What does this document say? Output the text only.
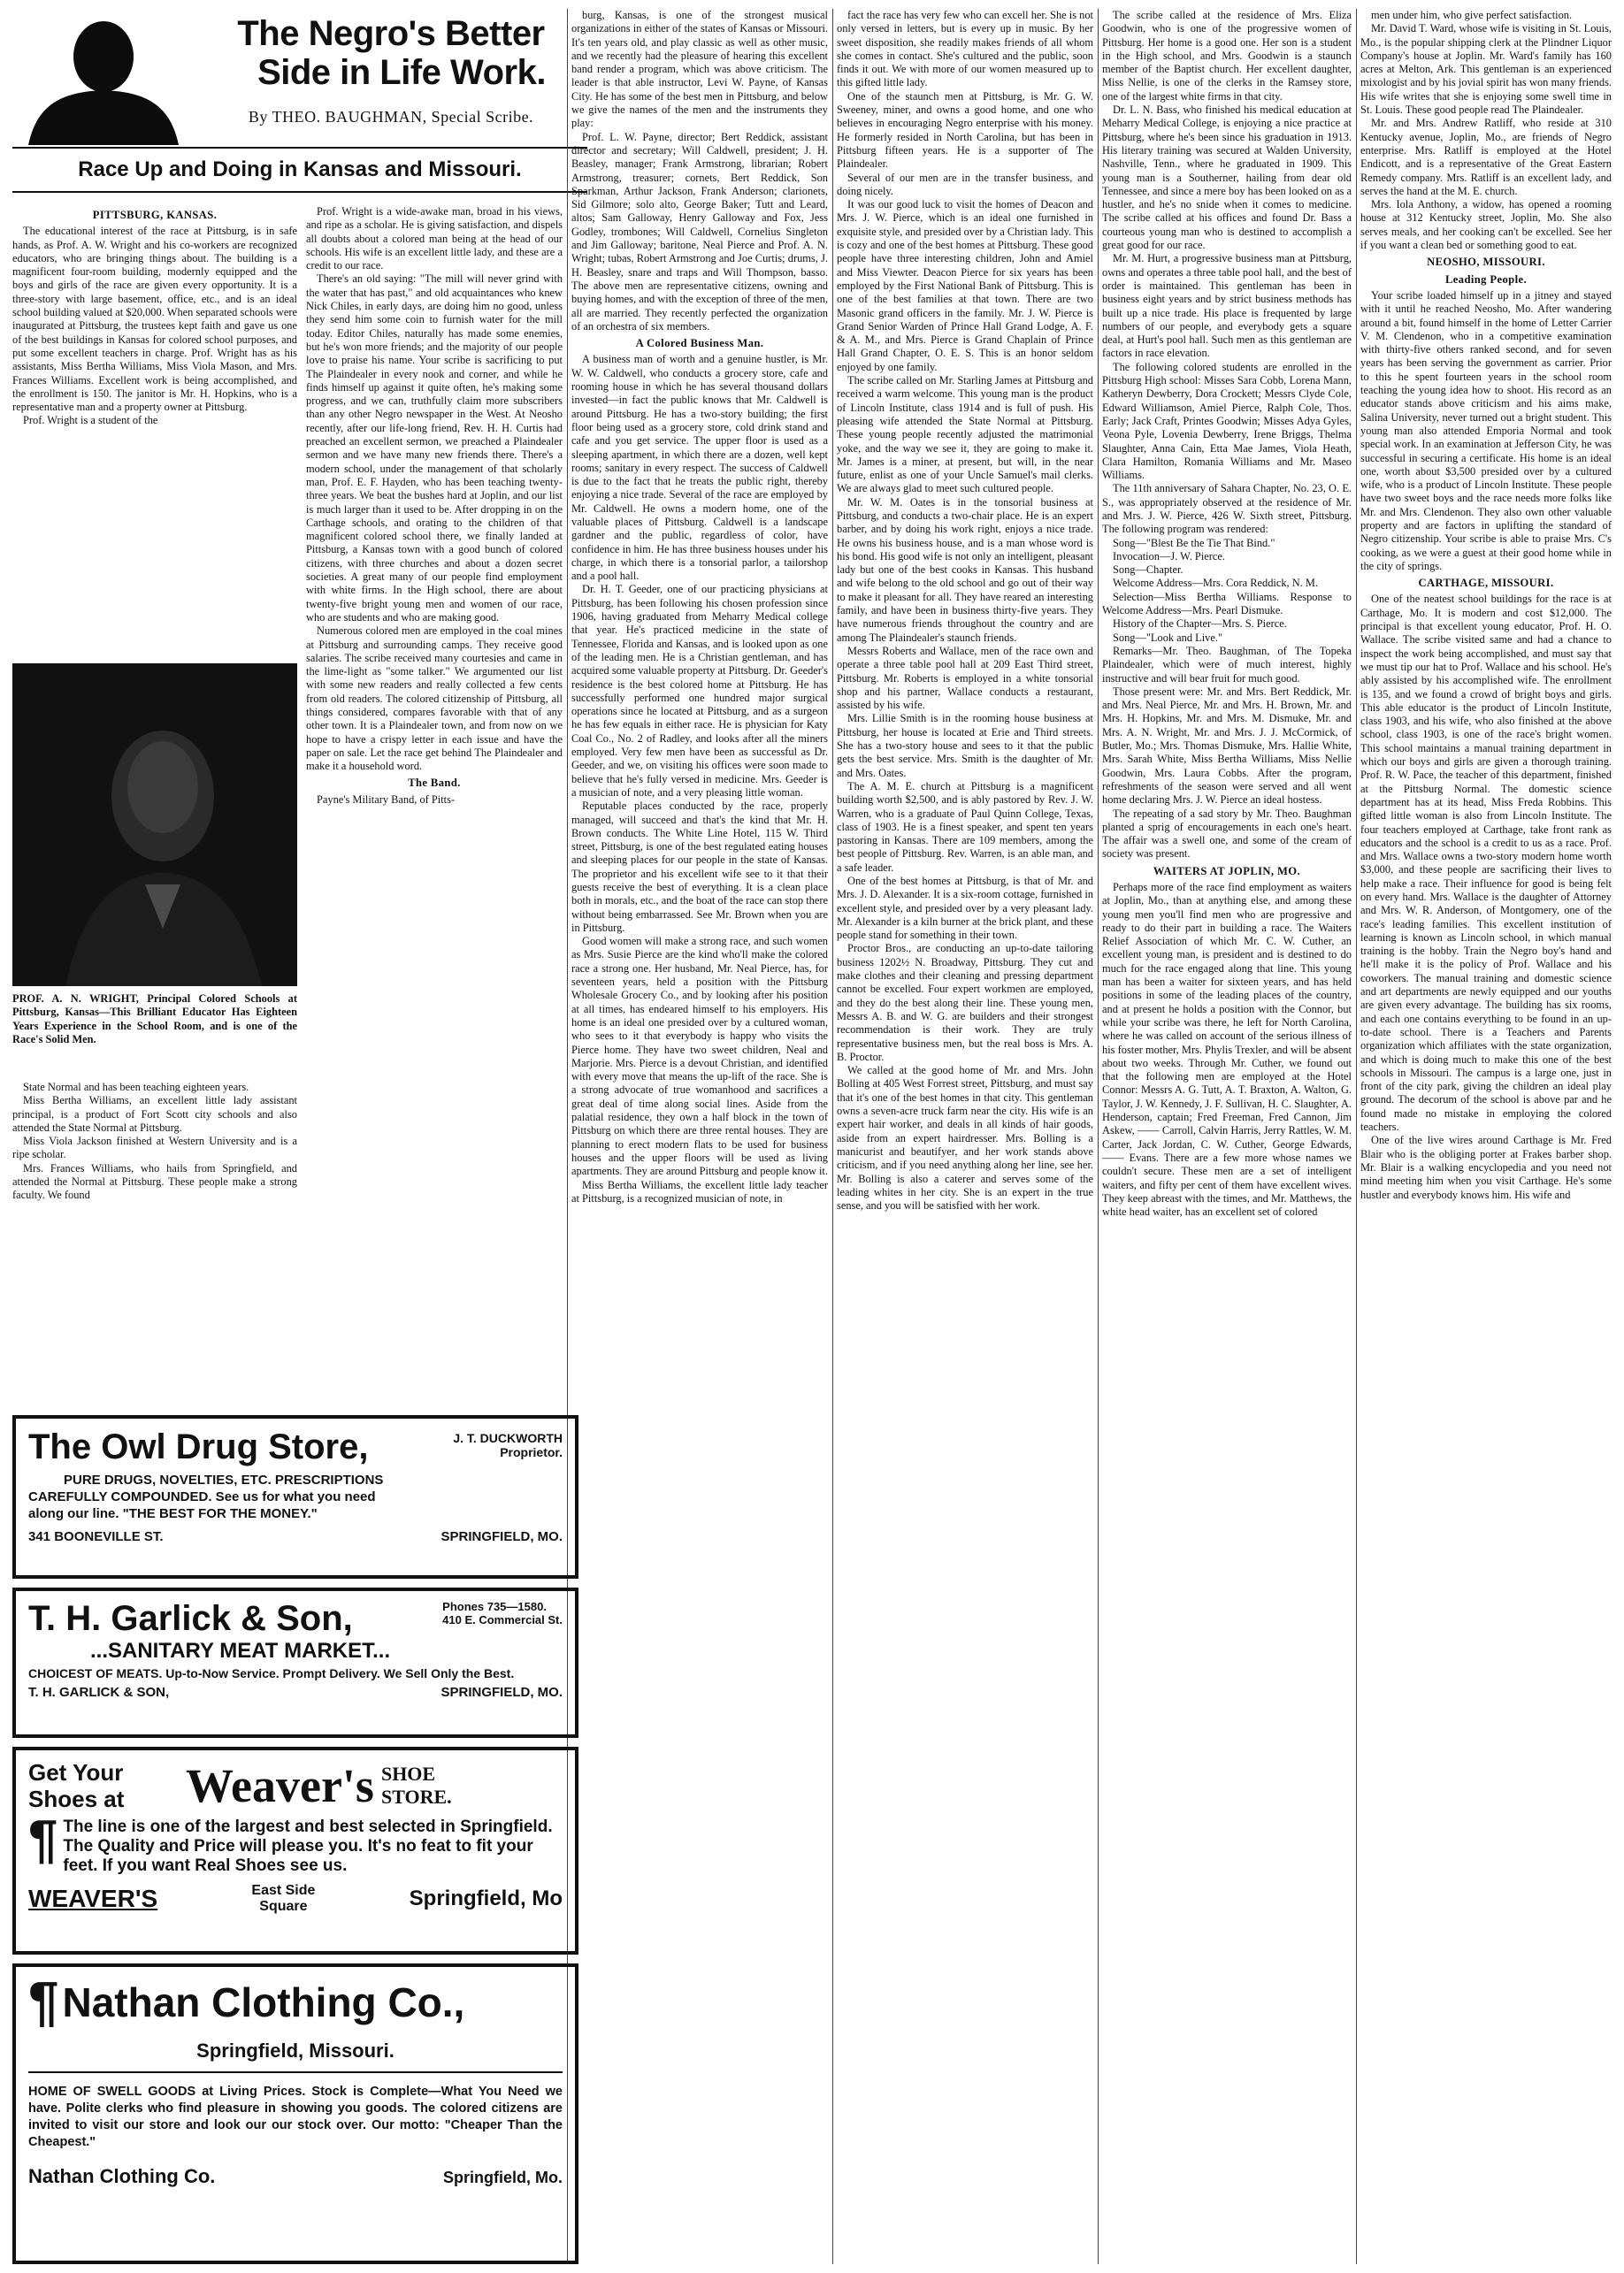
The Negro's Better
Side in Life Work.
By THEO. BAUGHMAN, Special Scribe.
Race Up and Doing in Kansas and Missouri.
PITTSBURG, KANSAS.

The educational interest of the race at Pittsburg, is in safe hands, as Prof. A. W. Wright and his co-workers are recognized educators, who are bringing things about. The building is a magnificent four-room building, modernly equipped and the boys and girls of the race are given every opportunity. It is a three-story with large basement, office, etc., and is an ideal school building valued at $20,000. When separated schools were inaugurated at Pittsburg, the trustees kept faith and gave us one of the best buildings in Kansas for colored school purposes, and put some excellent teachers in charge. Prof. Wright has as his assistants, Miss Bertha Williams, Miss Viola Mason, and Mrs. Frances Williams. Excellent work is being accomplished, and the enrollment is 150. The janitor is Mr. H. Hopkins, who is a representative man and a property owner at Pittsburg.

Prof. Wright is a student of the

PROF. A. N. WRIGHT, Principal Colored Schools at Pittsburg, Kansas—This Brilliant Educator Has Eighteen Years Experience in the School Room, and is one of the Race's Solid Men.

State Normal and has been teaching eighteen years.

Miss Bertha Williams, an excellent little lady assistant principal, is a product of Fort Scott city schools and also attended the State Normal at Pittsburg.

Miss Viola Jackson finished at Western University and is a ripe scholar.

Mrs. Frances Williams, who hails from Springfield, and attended the Normal at Pittsburg. These people make a strong faculty. We found

Prof. Wright is a wide-awake man, broad in his views, and ripe as a scholar. He is giving satisfaction, and dispels all doubts about a colored man being at the head of our schools. His wife is an excellent little lady, and these are a credit to our race.

There's an old saying: "The mill will never grind with the water that has past," and old acquaintances who knew Nick Chiles, in early days, are doing him no good, unless they send him some coin to furnish water for the mill today. Editor Chiles, naturally has made some enemies, but he's won more friends; and the majority of our people love to praise his name. Your scribe is sacrificing to put The Plaindealer in every nook and corner, and while he finds himself up against it quite often, he's making some progress, and we can, truthfully claim more subscribers than any other Negro newspaper in the West. At Neosho recently, after our life-long friend, Rev. H. H. Curtis had preached an excellent sermon, we preached a Plaindealer sermon and we have many new friends there. There's a modern school, under the management of that scholarly man, Prof. E. F. Hayden, who has been teaching twenty-three years. We beat the bushes hard at Joplin, and our list is much larger than it used to be. After dropping in on the Carthage schools, and orating to the children of that magnificent colored school there, we finally landed at Pittsburg, a Kansas town with a good bunch of colored citizens, with three churches and about a dozen secret societies. A great many of our people find employment with white firms. In the High school, there are about twenty-five bright young men and women of our race, who are students and who are making good.

Numerous colored men are employed in the coal mines at Pittsburg and surrounding camps. They receive good salaries. The scribe received many courtesies and came in the lime-light as "some talker." We argumented our list with some new readers and really collected a few cents from old readers. The colored citizenship of Pittsburg, all things considered, compares favorable with that of any other town. It is a Plaindealer town, and from now on we hope to have a crispy letter in each issue and have the paper on sale. Let the race get behind The Plaindealer and make it a household word.

The Band.

Payne's Military Band, of Pitts-

burg, Kansas, is one of the strongest musical organizations in either of the states of Kansas or Missouri. It's ten years old, and play classic as well as other music, and we recently had the pleasure of hearing this excellent band render a program, which was above criticism. The leader is that able instructor, Levi W. Payne, of Kansas City. He has some of the best men in Pittsburg, and below we give the names of the men and the instruments they play:

Prof. L. W. Payne, director; Bert Reddick, assistant director and secretary; Will Caldwell, president; J. H. Beasley, manager; Frank Armstrong, librarian; Robert Armstrong, treasurer; cornets, Bert Reddick, Son Sparkman, Arthur Jackson, Frank Anderson; clarionets, Sid Gilmore; solo alto, George Baker; Tutt and Leard, altos; Sam Galloway, Henry Galloway and Fox, Jess Godley, trombones; Will Caldwell, Cornelius Singleton and Jim Galloway; baritone, Neal Pierce and Prof. A. N. Wright; tubas, Robert Armstrong and Joe Curtis; drums, J. H. Beasley, snare and traps and Will Thompson, basso. The above men are representative citizens, owning and buying homes, and with the exception of three of the men, all are married. They recently perfected the organization of an orchestra of six members.

A Colored Business Man.

A business man of worth and a genuine hustler, is Mr. W. W. Caldwell, who conducts a grocery store, cafe and rooming house in which he has several thousand dollars invested—in fact the public knows that Mr. Caldwell is around Pittsburg. He has a two-story building; the first floor being used as a grocery store, cold drink stand and cafe and you get service. The upper floor is used as a sleeping apartment, in which there are a dozen, well kept rooms; sanitary in every respect. The success of Caldwell is due to the fact that he treats the public right, thereby enjoying a nice trade. Several of the race are employed by Mr. Caldwell. He owns a modern home, one of the valuable places of Pittsburg. Caldwell is a landscape gardner and the public, regardless of color, have confidence in him. He has three business houses under his charge, in which there is a tonsorial parlor, a tailorshop and a pool hall.

Dr. H. T. Geeder, one of our practicing physicians at Pittsburg, has been following his chosen profession since 1906, having graduated from Meharry Medical college that year. He's practiced medicine in the state of Tennessee, Florida and Kansas, and is looked upon as one of the leading men. He is a Christian gentleman, and has acquired some valuable property at Pittsburg. Dr. Geeder's residence is the best colored home at Pittsburg. He has successfully performed one hundred major surgical operations since he located at Pittsburg, and as a surgeon he has few equals in either race. He is physician for Katy Coal Co., No. 2 of Radley, and looks after all the miners employed. Very few men have been as successful as Dr. Geeder, and we, on visiting his offices were soon made to believe that he's fully versed in medicine. Mrs. Geeder is a musician of note, and a very pleasing little woman.

Reputable places conducted by the race, properly managed, will succeed and that's the kind that Mr. H. Brown conducts. The White Line Hotel, 115 W. Third street, Pittsburg, is one of the best regulated eating houses and sleeping places for our people in the state of Kansas. The proprietor and his excellent wife see to it that their guests receive the best of everything. It is a clean place both in morals, etc., and the boat of the race can stop there without being embarrassed. See Mr. Brown when you are in Pittsburg.

Good women will make a strong race, and such women as Mrs. Susie Pierce are the kind who'll make the colored race a strong one. Her husband, Mr. Neal Pierce, has, for seventeen years, held a position with the Pittsburg Wholesale Grocery Co., and by looking after his position at all times, has endeared himself to his employers. His home is an ideal one presided over by a cultured woman, who sees to it that everybody is happy who visits the Pierce home. They have two sweet children, Neal and Marjorie. Mrs. Pierce is a devout Christian, and identified with every move that means the up-lift of the race. She is a strong advocate of true womanhood and sacrifices a great deal of time along social lines. Aside from the palatial residence, they own a half block in the town of Pittsburg on which there are three rental houses. They are planning to erect modern flats to be used for business houses and the upper floors will be used as living apartments. They are around Pittsburg and people know it.

Miss Bertha Williams, the excellent little lady teacher at Pittsburg, is a recognized musician of note, in

fact the race has very few who can excell her. She is not only versed in letters, but is every up in music. By her sweet disposition, she readily makes friends of all whom she comes in contact. She's cultured and the public, soon finds it out. We with more of our women measured up to this gifted little lady.

One of the staunch men at Pittsburg, is Mr. G. W. Sweeney, miner, and owns a good home, and one who believes in encouraging Negro enterprise with his money. He formerly resided in North Carolina, but has been in Pittsburg fifteen years. He is a supporter of The Plaindealer.

Several of our men are in the transfer business, and doing nicely.

It was our good luck to visit the homes of Deacon and Mrs. J. W. Pierce, which is an ideal one furnished in exquisite style, and presided over by a Christian lady. This is cozy and one of the best homes at Pittsburg. These good people have three interesting children, John and Amiel and Miss Viewter. Deacon Pierce for six years has been employed by the First National Bank of Pittsburg. This is one of the best families at that town. There are two Masonic grand officers in the family. Mr. J. W. Pierce is Grand Senior Warden of Prince Hall Grand Lodge, A. F. & A. M., and Mrs. Pierce is Grand Chaplain of Prince Hall Grand Chapter, O. E. S. This is an honor seldom enjoyed by one family.

The scribe called on Mr. Starling James at Pittsburg and received a warm welcome. This young man is the product of Lincoln Institute, class 1914 and is full of push. His pleasing wife attended the State Normal at Pittsburg. These young people recently adjusted the matrimonial yoke, and the way we see it, they are going to make it. Mr. James is a miner, at present, but will, in the near future, enlist as one of your Uncle Samuel's mail clerks. We are always glad to meet such cultured people.

Mr. W. M. Oates is in the tonsorial business at Pittsburg, and conducts a two-chair place. He is an expert barber, and by doing his work right, enjoys a nice trade. He owns his business house, and is a man whose word is his bond. His good wife is not only an intelligent, pleasant lady but one of the best cooks in Kansas. This husband and wife belong to the old school and go out of their way to make it pleasant for all. They have reared an interesting family, and have been in business thirty-five years. They have numerous friends throughout the country and are among The Plaindealer's staunch friends.

Messrs Roberts and Wallace, men of the race own and operate a three table pool hall at 209 East Third street, Pittsburg. Mr. Roberts is employed in a white tonsorial shop and his partner, Wallace conducts a restaurant, assisted by his wife.

Mrs. Lillie Smith is in the rooming house business at Pittsburg, her house is located at Erie and Third streets. She has a two-story house and sees to it that the public gets the best service. Mrs. Smith is the daughter of Mr. and Mrs. Oates.

The A. M. E. church at Pittsburg is a magnificent building worth $2,500, and is ably pastored by Rev. J. W. Warren, who is a graduate of Paul Quinn College, Texas, class of 1903. He is a finest speaker, and spent ten years pastoring in Kansas. There are 109 members, among the best people of Pittsburg. Rev. Warren, is an able man, and a safe leader.

One of the best homes at Pittsburg, is that of Mr. and Mrs. J. D. Alexander. It is a six-room cottage, furnished in excellent style, and presided over by a very pleasant lady. Mr. Alexander is a kiln burner at the brick plant, and these people stand for something in their town.

Proctor Bros., are conducting an up-to-date tailoring business 1202½ N. Broadway, Pittsburg. They cut and make clothes and their cleaning and pressing department cannot be excelled. Four expert workmen are employed, and they do the best along their line. These young men, Messrs A. B. and W. G. are builders and their strongest recommendation is their work. They are truly representative business men, but the real boss is Mrs. A. B. Proctor.

We called at the good home of Mr. and Mrs. John Bolling at 405 West Forrest street, Pittsburg, and must say that it's one of the best homes in that city. This gentleman owns a seven-acre truck farm near the city. His wife is an expert hair worker, and deals in all kinds of hair goods, aside from an expert hairdresser. Mrs. Bolling is a manicurist and beautifyer, and her work stands above criticism, and if you need anything along her line, see her. Mr. Bolling is also a caterer and serves some of the leading whites in her city. She is an expert in the true sense, and you will be satisfied with her work.

The scribe called at the residence of Mrs. Eliza Goodwin, who is one of the progressive women of Pittsburg. Her home is a good one. Her son is a student in the High school, and Mrs. Goodwin is a staunch member of the Baptist church. Her excellent daughter, Miss Nellie, is one of the clerks in the Ramsey store, one of the largest white firms in that city.

Dr. L. N. Bass, who finished his medical education at Meharry Medical College, is enjoying a nice practice at Pittsburg, where he's been since his graduation in 1913. His literary training was secured at Walden University, Nashville, Tenn., where he graduated in 1909. This young man is a Southerner, hailing from dear old Tennessee, and since a mere boy has been looked on as a hustler, and he's no snide when it comes to medicine. The scribe called at his offices and found Dr. Bass a courteous young man who is destined to accomplish a great good for our race.

Mr. M. Hurt, a progressive business man at Pittsburg, owns and operates a three table pool hall, and the best of order is maintained. This gentleman has been in business eight years and by strict business methods has built up a nice trade. His place is frequented by large numbers of our people, and everybody gets a square deal, at Hurt's pool hall. Such men as this gentleman are factors in race elevation.

The following colored students are enrolled in the Pittsburg High school: Misses Sara Cobb, Lorena Mann, Katheryn Dewberry, Dora Crockett; Messrs Clyde Cole, Edward Williamson, Amiel Pierce, Ralph Cole, Thos. Early; Jack Craft, Printes Goodwin; Misses Adya Gyles, Veona Pyle, Lovenia Dewberry, Irene Briggs, Thelma Slaughter, Anna Cain, Etta Mae James, Viola Heath, Clara Hamilton, Romania Williams and Mr. Maseo Williams.

The 11th anniversary of Sahara Chapter, No. 23, O. E. S., was appropriately observed at the residence of Mr. and Mrs. J. W. Pierce, 426 W. Sixth street, Pittsburg. The following program was rendered:

Song—"Blest Be the Tie That Bind."

Invocation—J. W. Pierce.

Song—Chapter.

Welcome Address—Mrs. Cora Reddick, N. M.

Selection—Miss Bertha Williams. Response to Welcome Address—Mrs. Pearl Dismuke.

History of the Chapter—Mrs. S. Pierce.

Song—"Look and Live."

Remarks—Mr. Theo. Baughman, of The Topeka Plaindealer, which were of much interest, highly instructive and will bear fruit for much good.

Those present were: Mr. and Mrs. Bert Reddick, Mr. and Mrs. Neal Pierce, Mr. and Mrs. H. Brown, Mr. and Mrs. H. Hopkins, Mr. and Mrs. M. Dismuke, Mr. and Mrs. A. N. Wright, Mr. and Mrs. J. J. McCormick, of Butler, Mo.; Mrs. Thomas Dismuke, Mrs. Hallie White, Mrs. Sarah White, Miss Bertha Williams, Miss Nellie Goodwin, Mrs. Laura Cobbs. After the program, refreshments of the season were served and all went home declaring Mrs. J. W. Pierce an ideal hostess.

The repeating of a sad story by Mr. Theo. Baughman planted a sprig of encouragements in each one's heart. The affair was a swell one, and some of the cream of society was present.

WAITERS AT JOPLIN, MO.

Perhaps more of the race find employment as waiters at Joplin, Mo., than at anything else, and among these young men you'll find men who are progressive and ready to do their part in building a race. The Waiters Relief Association of which Mr. C. W. Cuther, an excellent young man, is president and is destined to do much for the race engaged along that line. This young man has been a waiter for sixteen years, and has held positions in some of the leading places of the country, and at present he holds a position with the Connor, but while your scribe was there, he left for North Carolina, where he was called on account of the serious illness of his foster mother, Mrs. Phylis Trexler, and will be absent about two weeks. Through Mr. Cuther, we found out that the following men are employed at the Hotel Connor: Messrs A. G. Tutt, A. T. Braxton, A. Walton, G. Taylor, J. W. Kennedy, J. F. Sullivan, H. C. Slaughter, A. Henderson, captain; Fred Freeman, Fred Cannon, Jim Askew, —— Carroll, Calvin Harris, Jerry Rattles, W. M. Carter, Jack Jordan, C. W. Cuther, George Edwards, —— Evans. There are a few more whose names we couldn't secure. These men are a set of intelligent waiters, and fifty per cent of them have excellent wives. They keep abreast with the times, and Mr. Matthews, the white head waiter, has an excellent set of colored

men under him, who give perfect satisfaction.

Mr. David T. Ward, whose wife is visiting in St. Louis, Mo., is the popular shipping clerk at the Plindner Liquor Company's house at Joplin. Mr. Ward's family has 160 acres at Melton, Ark. This gentleman is an experienced mixologist and by his jovial spirit has won many friends. His wife writes that she is enjoying some swell time in St. Louis. These good people read The Plaindealer.

Mr. and Mrs. Andrew Ratliff, who reside at 310 Kentucky avenue, Joplin, Mo., are friends of Negro enterprise. Mrs. Ratliff is employed at the Hotel Endicott, and is a representative of the Great Eastern Remedy company. Mrs. Ratliff is an excellent lady, and serves the hand at the M. E. church.

Mrs. Iola Anthony, a widow, has opened a rooming house at 312 Kentucky street, Joplin, Mo. She also serves meals, and her cooking can't be excelled. See her if you want a clean bed or something good to eat.

NEOSHO, MISSOURI.
Leading People.

Your scribe loaded himself up in a jitney and stayed with it until he reached Neosho, Mo. After wandering around a bit, found himself in the home of Letter Carrier V. M. Clendenon, who in a competitive examination with thirty-five others ranked second, and for seven years has been serving the government as carrier. Prior to this he spent fourteen years in the school room teaching the young idea how to shoot. His record as an educator stands above criticism and his aims make, Salina University, never turned out a bright student. This young man also attended Emporia Normal and took special work. In an examination at Jefferson City, he was successful in securing a certificate. His home is an ideal one, worth about $3,500 presided over by a cultured wife, who is a product of Lincoln Institute. These people have two sweet boys and the race needs more folks like Mr. and Mrs. Clendenon. They also own other valuable property and are factors in uplifting the standard of Negro citizenship. Your scribe is able to praise Mrs. C's cooking, as we were a guest at their good home while in the city of springs.

CARTHAGE, MISSOURI.

One of the neatest school buildings for the race is at Carthage, Mo. It is modern and cost $12,000. The principal is that excellent young educator, Prof. H. O. Wallace. The scribe visited same and had a chance to inspect the work being accomplished, and must say that we must tip our hat to Prof. Wallace and his school. He's ably assisted by his accomplished wife. The enrollment is 135, and we found a crowd of bright boys and girls. This able educator is the product of Lincoln Institute, class 1903, and his wife, who also finished at the above school, class 1903, is one of the race's bright women. This school maintains a manual training department in which our boys and girls are given a thorough training. Prof. R. W. Pace, the teacher of this department, finished at the Pittsburg Normal. The domestic science department has at its head, Miss Freda Robbins. This gifted little woman is also from Lincoln Institute. The four teachers employed at Carthage, take front rank as educators and the school is a credit to us as a race. Prof. and Mrs. Wallace owns a two-story modern home worth $3,000, and these people are sacrificing their lives to help make a race. Their influence for good is being felt on every hand. Mrs. Wallace is the daughter of Attorney and Mrs. W. R. Anderson, of Montgomery, one of the race's leading families. This excellent institution of learning is known as Lincoln school, in which manual training is the hobby. Train the Negro boy's hand and he'll make it is the policy of Prof. Wallace and his coworkers. The manual training and domestic science and art departments are newly equipped and our youths are given every advantage. The building has six rooms, and each one contains everything to be found in an up-to-date school. There is a Teachers and Parents organization which affiliates with the state organization, and which is doing much to make this one of the best schools in Missouri. The campus is a large one, just in front of the city park, giving the children an ideal play ground. The decorum of the school is above par and he found made no mistake in employing the colored teachers.

One of the live wires around Carthage is Mr. Fred Blair who is the obliging porter at Frakes barber shop. Mr. Blair is a walking encyclopedia and you need not mind meeting him when you visit Carthage. He's some hustler and everybody knows him. His wife and

The Owl Drug Store,	J. T. DUCKWORTH
Proprietor.
PURE DRUGS, NOVELTIES, ETC. PRESCRIPTIONS
CAREFULLY COMPOUNDED. See us for what you need
along our line. "THE BEST FOR THE MONEY."
341 BOONEVILLE ST.	SPRINGFIELD, MO.
T. H. Garlick & Son,	Phones 735—1580.
410 E. Commercial St.
...SANITARY MEAT MARKET...
CHOICEST OF MEATS. Up-to-Now Service. Prompt Delivery. We Sell Only the Best.
T. H. GARLICK & SON,	SPRINGFIELD, MO.
Get Your Shoes at	Weaver's SHOE STORE.
¶ The line is one of the largest and best selected in Springfield. The Quality and Price will please you. It's no feat to fit your feet. If you want Real Shoes see us.
WEAVER'S	East Side
Square	Springfield, Mo
¶ Nathan Clothing Co.,
Springfield, Missouri.
HOME OF SWELL GOODS at Living Prices. Stock is Complete—What You Need we have. Polite clerks who find pleasure in showing you goods. The colored citizens are invited to visit our store and look our our stock over. Our motto: "Cheaper Than the Cheapest."
Nathan Clothing Co.	Springfield, Mo.
